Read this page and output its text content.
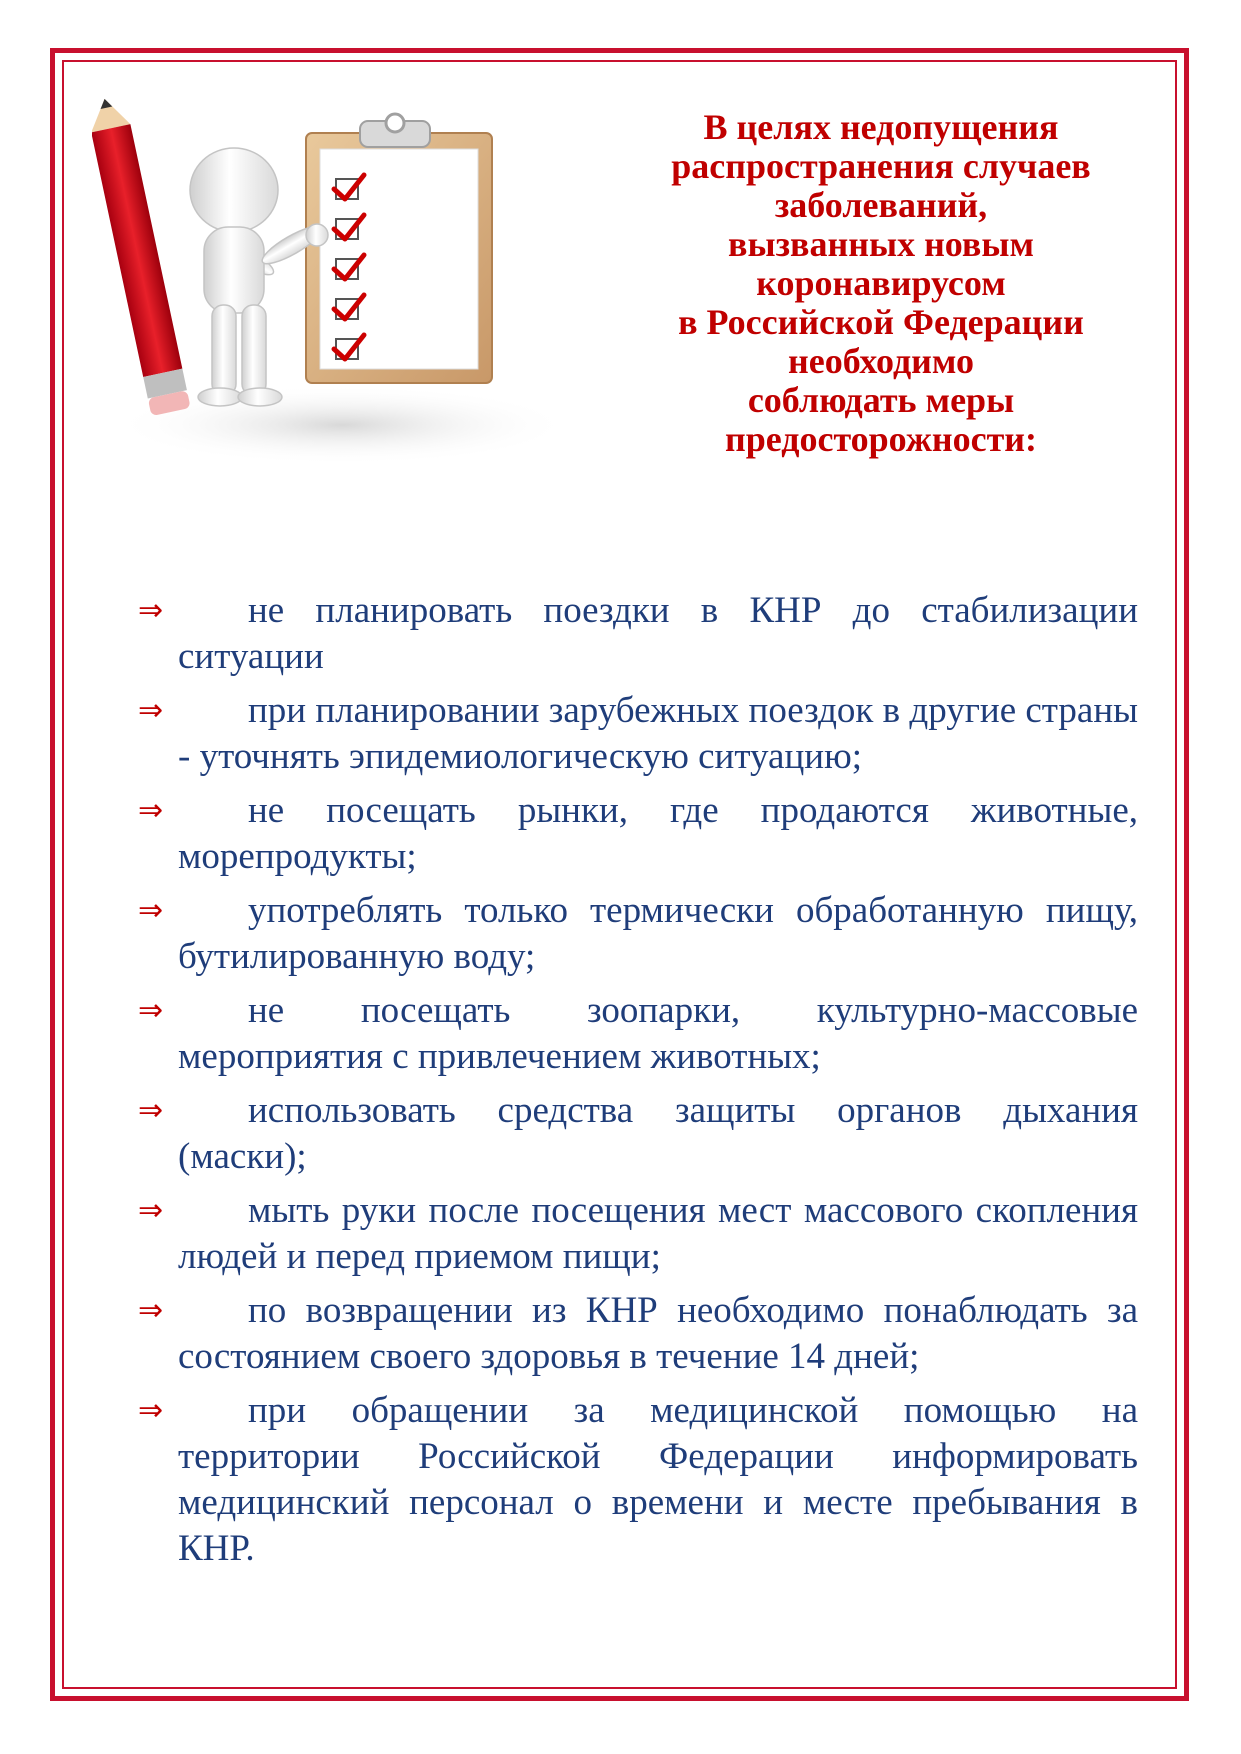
В целях недопущения
распространения случаев
заболеваний,
вызванных новым
коронавирусом
в Российской Федерации
необходимо
соблюдать меры
предосторожности:
⇒	не планировать поездки в КНР до стабилизации ситуации
⇒	при планировании зарубежных поездок в другие страны - уточнять эпидемиологическую ситуацию;
⇒	не посещать рынки, где продаются животные, морепродукты;
⇒	употреблять только термически обработанную пищу, бутилированную воду;
⇒	не посещать зоопарки, культурно-массовые мероприятия с привлечением животных;
⇒	использовать средства защиты органов дыхания (маски);
⇒	мыть руки после посещения мест массового скопления людей и перед приемом пищи;
⇒	по возвращении из КНР необходимо понаблюдать за состоянием своего здоровья в течение 14 дней;
⇒	при обращении за медицинской помощью на территории Российской Федерации информировать медицинский персонал о времени и месте пребывания в КНР.
